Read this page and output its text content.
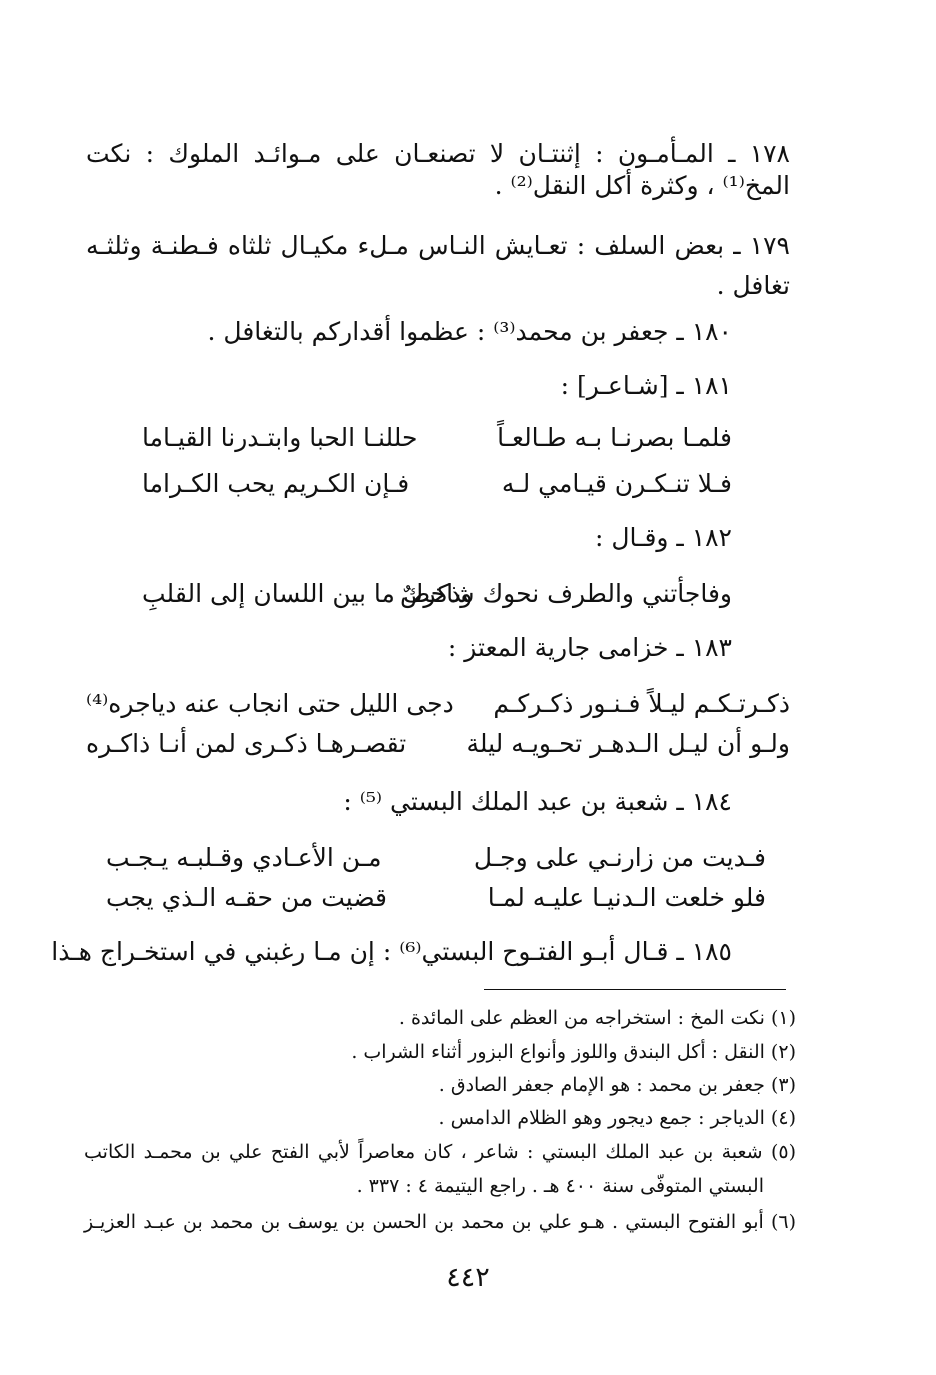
١٧٨ ـ المـأمـون : إثنتـان لا تصنعـان على مـوائـد الملوك : نكت
المخ⁽¹⁾ ، وكثرة أكل النقل⁽²⁾ .
١٧٩ ـ بعض السلف : تعـايش النـاس مـلء مكيـال ثلثاه فـطنـة وثلثـه
تغافل .
١٨٠ ـ جعفر بن محمد⁽³⁾ : عظموا أقداركم بالتغافل .
١٨١ ـ [شـاعـر] :
فلمـا بصرنـا بـه طـالعـاً
حللنـا الحبا وابتـدرنا القيـاما
فـلا تنـكـرن قيـامي لـه
فـإن الكـريم يحب الكـراما
١٨٢ ـ وقـال :
وفاجأتني والطرف نحوك شاخصٌ
وذكرك ما بين اللسان إلى القلبِ
١٨٣ ـ خزامى جارية المعتز :
ذكـرتـكـم ليـلاً فـنـور ذكـركـم
دجى الليل حتى انجاب عنه دياجره⁽⁴⁾
ولـو أن ليـل الـدهـر تحـويـه ليلة
تقصـرهـا ذكـرى لمن أنـا ذاكـره
١٨٤ ـ شعبة بن عبد الملك البستي ⁽⁵⁾ :
فـديت من زارنـي على وجـل
مـن الأعـادي وقـلبـه يـجـب
فلو خلعت الـدنيـا عليـه لمـا
قضيت من حقـه الـذي يجب
١٨٥ ـ قـال أبـو الفتـوح البستي⁽⁶⁾ : إن مـا رغبني في استخـراج هـذا
(١) نكت المخ : استخراجه من العظم على المائدة .
(٢) النقل : أكل البندق واللوز وأنواع البزور أثناء الشراب .
(٣) جعفر بن محمد : هو الإمام جعفر الصادق .
(٤) الدياجر : جمع ديجور وهو الظلام الدامس .
(٥) شعبة بن عبد الملك البستي : شاعر ، كان معاصراً لأبي الفتح علي بن محمـد الكاتب
البستي المتوفّى سنة ٤٠٠ هـ . راجع اليتيمة ٤ : ٣٣٧ .
(٦) أبو الفتوح البستي . هـو علي بن محمد بن الحسن بن يوسف بن محمد بن عبـد العزيـز
٤٤٢
